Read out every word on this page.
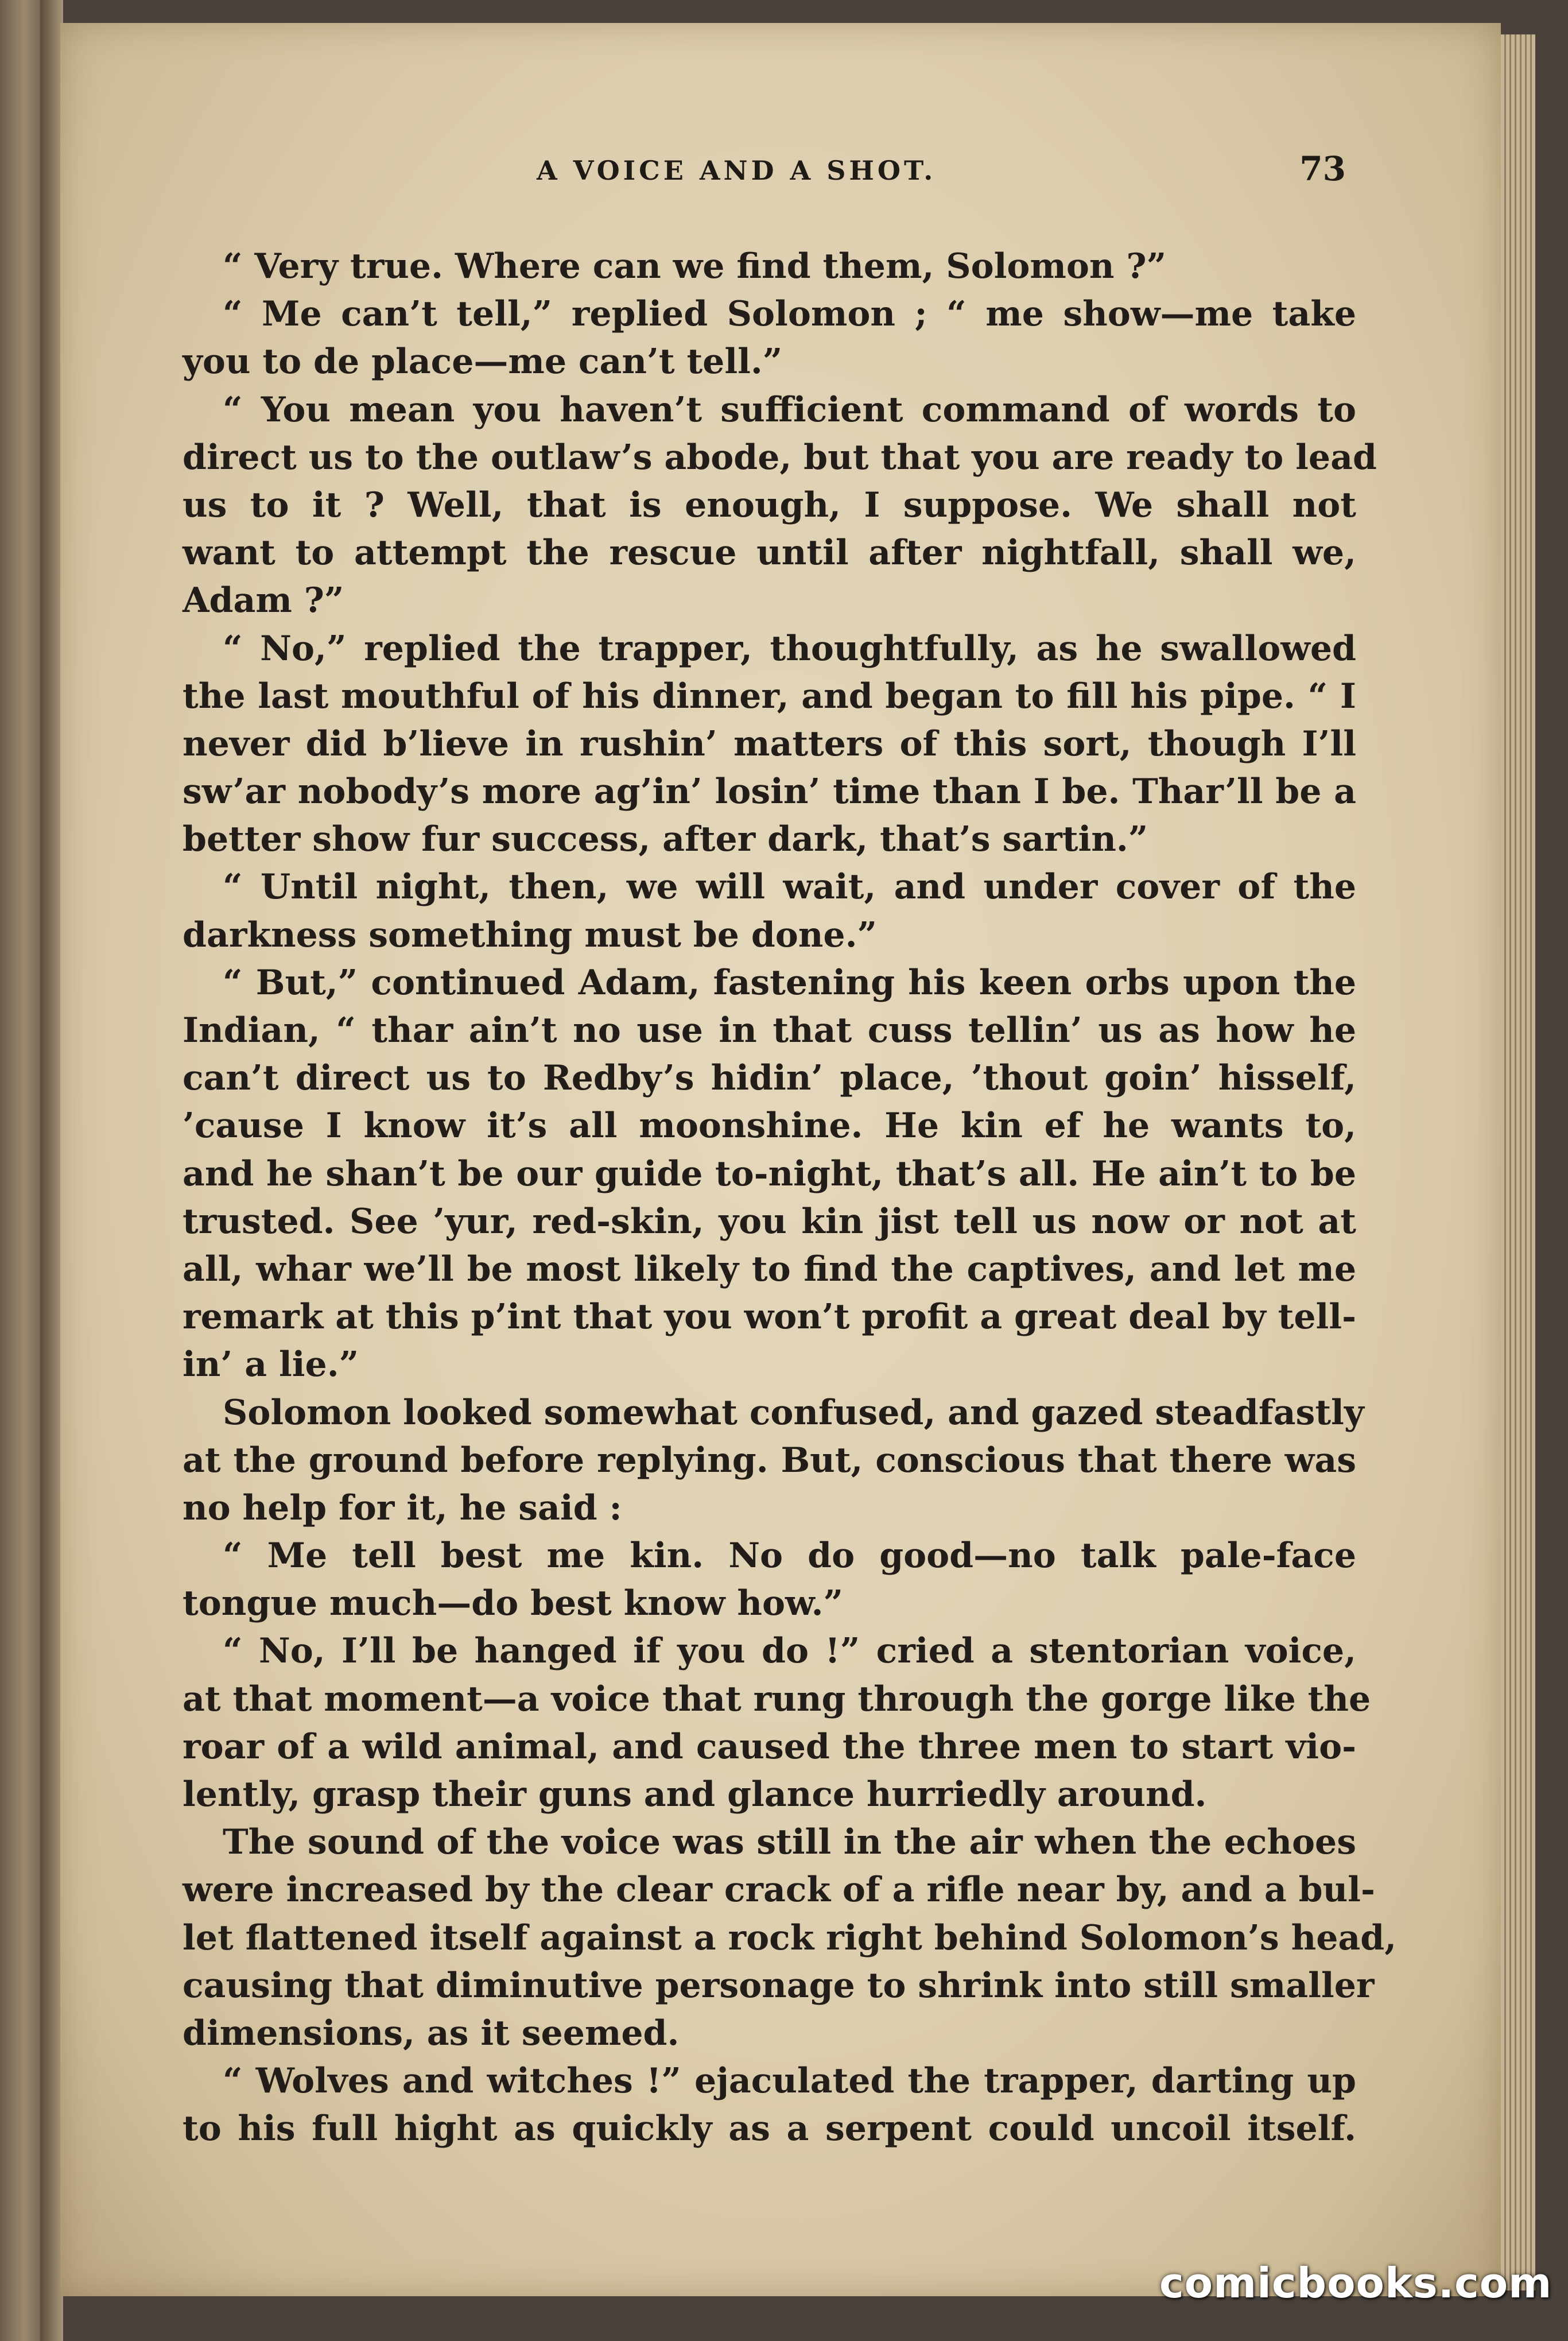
A VOICE AND A SHOT.	73
“ Very true. Where can we find them, Solomon ?”
“ Me can’t tell,” replied Solomon ; “ me show—me take
you to de place—me can’t tell.”
“ You mean you haven’t sufficient command of words to
direct us to the outlaw’s abode, but that you are ready to lead
us to it ? Well, that is enough, I suppose. We shall not
want to attempt the rescue until after nightfall, shall we,
Adam ?”
“ No,” replied the trapper, thoughtfully, as he swallowed
the last mouthful of his dinner, and began to fill his pipe. “ I
never did b’lieve in rushin’ matters of this sort, though I’ll
sw’ar nobody’s more ag’in’ losin’ time than I be. Thar’ll be a
better show fur success, after dark, that’s sartin.”
“ Until night, then, we will wait, and under cover of the
darkness something must be done.”
“ But,” continued Adam, fastening his keen orbs upon the
Indian, “ thar ain’t no use in that cuss tellin’ us as how he
can’t direct us to Redby’s hidin’ place, ’thout goin’ hisself,
’cause I know it’s all moonshine. He kin ef he wants to,
and he shan’t be our guide to-night, that’s all. He ain’t to be
trusted. See ’yur, red-skin, you kin jist tell us now or not at
all, whar we’ll be most likely to find the captives, and let me
remark at this p’int that you won’t profit a great deal by tell-
in’ a lie.”
Solomon looked somewhat confused, and gazed steadfastly
at the ground before replying. But, conscious that there was
no help for it, he said :
“ Me tell best me kin. No do good—no talk pale-face
tongue much—do best know how.”
“ No, I’ll be hanged if you do !” cried a stentorian voice,
at that moment—a voice that rung through the gorge like the
roar of a wild animal, and caused the three men to start vio-
lently, grasp their guns and glance hurriedly around.
The sound of the voice was still in the air when the echoes
were increased by the clear crack of a rifle near by, and a bul-
let flattened itself against a rock right behind Solomon’s head,
causing that diminutive personage to shrink into still smaller
dimensions, as it seemed.
“ Wolves and witches !” ejaculated the trapper, darting up
to his full hight as quickly as a serpent could uncoil itself.
comicbooks.com
